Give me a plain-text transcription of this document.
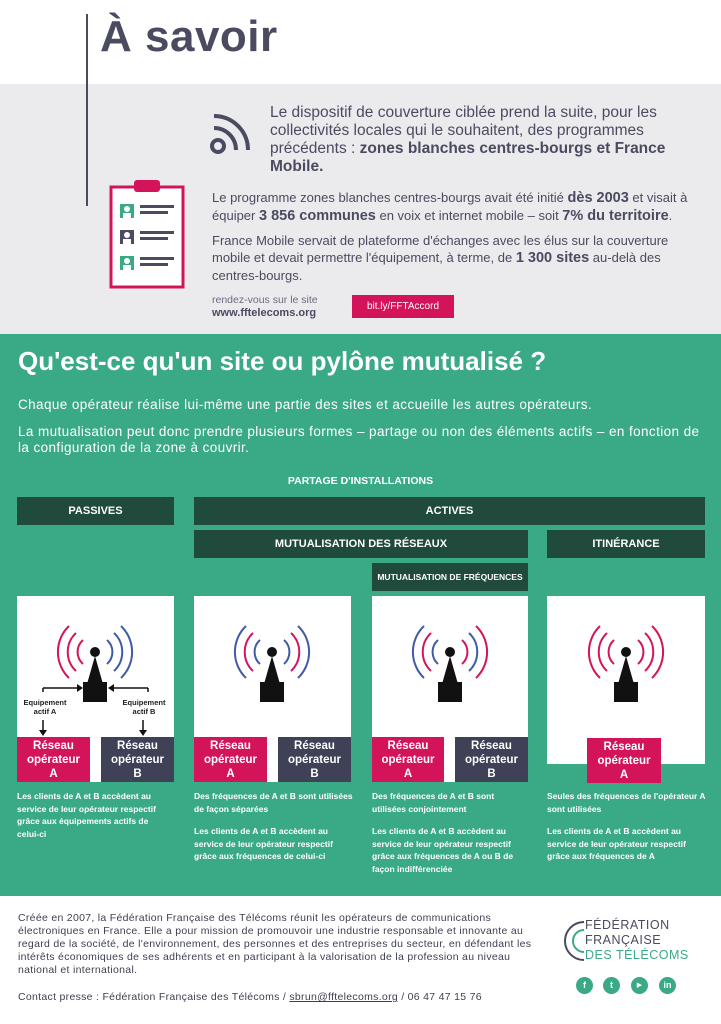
À savoir
Le dispositif de couverture ciblée prend la suite, pour les collectivités locales qui le souhaitent, des programmes précédents : zones blanches centres-bourgs et France Mobile.
Le programme zones blanches centres-bourgs avait été initié dès 2003 et visait à équiper 3 856 communes en voix et internet mobile – soit 7% du territoire.
France Mobile servait de plateforme d'échanges avec les élus sur la couverture mobile et devait permettre l'équipement, à terme, de 1 300 sites au-delà des centres-bourgs.
rendez-vous sur le site
www.fftelecoms.org
bit.ly/FFTAccord
Qu'est-ce qu'un site ou pylône mutualisé ?
Chaque opérateur réalise lui-même une partie des sites et accueille les autres opérateurs.
La mutualisation peut donc prendre plusieurs formes – partage ou non des éléments actifs – en fonction de la configuration de la zone à couvrir.
PARTAGE D'INSTALLATIONS
PASSIVES	ACTIVES
MUTUALISATION DES RÉSEAUX	ITINÉRANCE
MUTUALISATION DE FRÉQUENCES
Equipement actif A
Equipement actif B
Réseau opérateur A
Réseau opérateur B
Les clients de A et B accèdent au service de leur opérateur respectif grâce aux équipements actifs de celui-ci
Réseau opérateur A
Réseau opérateur B
Des fréquences de A et B sont utilisées de façon séparées
Les clients de A et B accèdent au service de leur opérateur respectif grâce aux fréquences de celui-ci
Réseau opérateur A
Réseau opérateur B
Des fréquences de A et B sont utilisées conjointement
Les clients de A et B accèdent au service de leur opérateur respectif grâce aux fréquences de A ou B de façon indifférenciée
Réseau opérateur A
Seules des fréquences de l'opérateur A sont utilisées
Les clients de A et B accèdent au service de leur opérateur respectif grâce aux fréquences de A
Créée en 2007, la Fédération Française des Télécoms réunit les opérateurs de communications électroniques en France. Elle a pour mission de promouvoir une industrie responsable et innovante au regard de la société, de l'environnement, des personnes et des entreprises du secteur, en défendant les intérêts économiques de ses adhérents et en participant à la valorisation de la profession au niveau national et international.
Contact presse : Fédération Française des Télécoms / sbrun@fftelecoms.org / 06 47 47 15 76
FÉDÉRATION
FRANÇAISE
DES TÉLÉCOMS
f	t	▶	in
